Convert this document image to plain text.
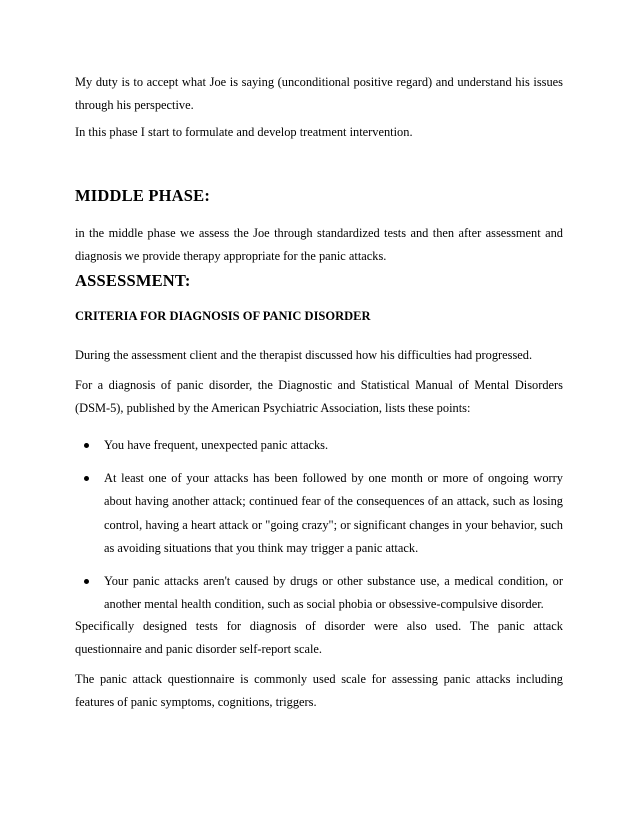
My duty is to accept what Joe is saying (unconditional positive regard) and understand his issues through his perspective.

In this phase I start to formulate and develop treatment intervention.

MIDDLE PHASE:

in the middle phase we assess the Joe through standardized tests and then after assessment and diagnosis we provide therapy appropriate for the panic attacks.

ASSESSMENT:
CRITERIA FOR DIAGNOSIS OF PANIC DISORDER

During the assessment client and the therapist discussed how his difficulties had progressed.

For a diagnosis of panic disorder, the Diagnostic and Statistical Manual of Mental Disorders (DSM-5), published by the American Psychiatric Association, lists these points:

You have frequent, unexpected panic attacks.
At least one of your attacks has been followed by one month or more of ongoing worry about having another attack; continued fear of the consequences of an attack, such as losing control, having a heart attack or "going crazy"; or significant changes in your behavior, such as avoiding situations that you think may trigger a panic attack.
Your panic attacks aren't caused by drugs or other substance use, a medical condition, or another mental health condition, such as social phobia or obsessive-compulsive disorder.

Specifically designed tests for diagnosis of disorder were also used. The panic attack questionnaire and panic disorder self-report scale.

The panic attack questionnaire is commonly used scale for assessing panic attacks including features of panic symptoms, cognitions, triggers.
